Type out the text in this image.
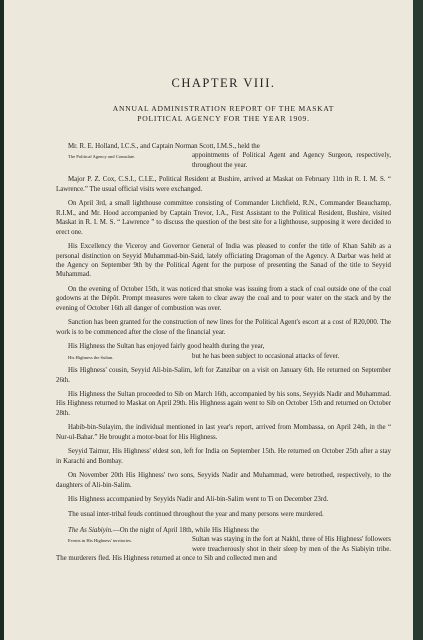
CHAPTER VIII.
ANNUAL ADMINISTRATION REPORT OF THE MASKAT
POLITICAL AGENCY FOR THE YEAR 1909.

Mr. R. E. Holland, I.C.S., and Captain Norman Scott, I.M.S., held the

The Political Agency and Consulate.	appointments of Political Agent and Agency Surgeon, respectively, throughout the year.

Major P. Z. Cox, C.S.I., C.I.E., Political Resident at Bushire, arrived at Maskat on February 11th in R. I. M. S. “ Lawrence.” The usual official visits were exchanged.

On April 3rd, a small lighthouse committee consisting of Commander Litchfield, R.N., Commander Beauchamp, R.I.M., and Mr. Hood accompanied by Captain Trevor, I.A., First Assistant to the Political Resident, Bushire, visited Maskat in R. I. M. S. “ Lawrence ” to discuss the question of the best site for a lighthouse, supposing it were decided to erect one.

His Excellency the Viceroy and Governor General of India was pleased to confer the title of Khan Sahib as a personal distinction on Seyyid Muhammad-bin-Said, lately officiating Dragoman of the Agency. A Darbar was held at the Agency on September 9th by the Political Agent for the purpose of presenting the Sanad of the title to Seyyid Muhammad.

On the evening of October 15th, it was noticed that smoke was issuing from a stack of coal outside one of the coal godowns at the Dépôt. Prompt measures were taken to clear away the coal and to pour water on the stack and by the evening of October 16th all danger of combustion was over.

Sanction has been granted for the construction of new lines for the Political Agent's escort at a cost of R20,000. The work is to be commenced after the close of the financial year.

His Highness the Sultan has enjoyed fairly good health during the year,

His Highness the Sultan.	but he has been subject to occasional attacks of fever.

His Highness' cousin, Seyyid Ali-bin-Salim, left for Zanzibar on a visit on January 6th. He returned on September 26th.

His Highness the Sultan proceeded to Sib on March 16th, accompanied by his sons, Seyyids Nadir and Muhammad. His Highness returned to Maskat on April 29th. His Highness again went to Sib on October 15th and returned on October 28th.

Habib-bin-Sulayim, the individual mentioned in last year's report, arrived from Mombassa, on April 24th, in the “ Nur-ul-Bahar.” He brought a motor-boat for His Highness.

Seyyid Taimur, His Highness' eldest son, left for India on September 15th. He returned on October 25th after a stay in Karachi and Bombay.

On November 20th His Highness' two sons, Seyyids Nadir and Muhammad, were betrothed, respectively, to the daughters of Ali-bin-Salim.

His Highness accompanied by Seyyids Nadir and Ali-bin-Salim went to Ti on December 23rd.

The usual inter-tribal feuds continued throughout the year and many persons were murdered.

The As Siabiyin.—On the night of April 18th, while His Highness the

Events in His Highness' territories.	Sultan was staying in the fort at Nakhl, three of His Highness' followers were treacherously shot in their sleep by men of the As Siabiyin tribe. The murderers fled. His Highness returned at once to Sib and collected men and
